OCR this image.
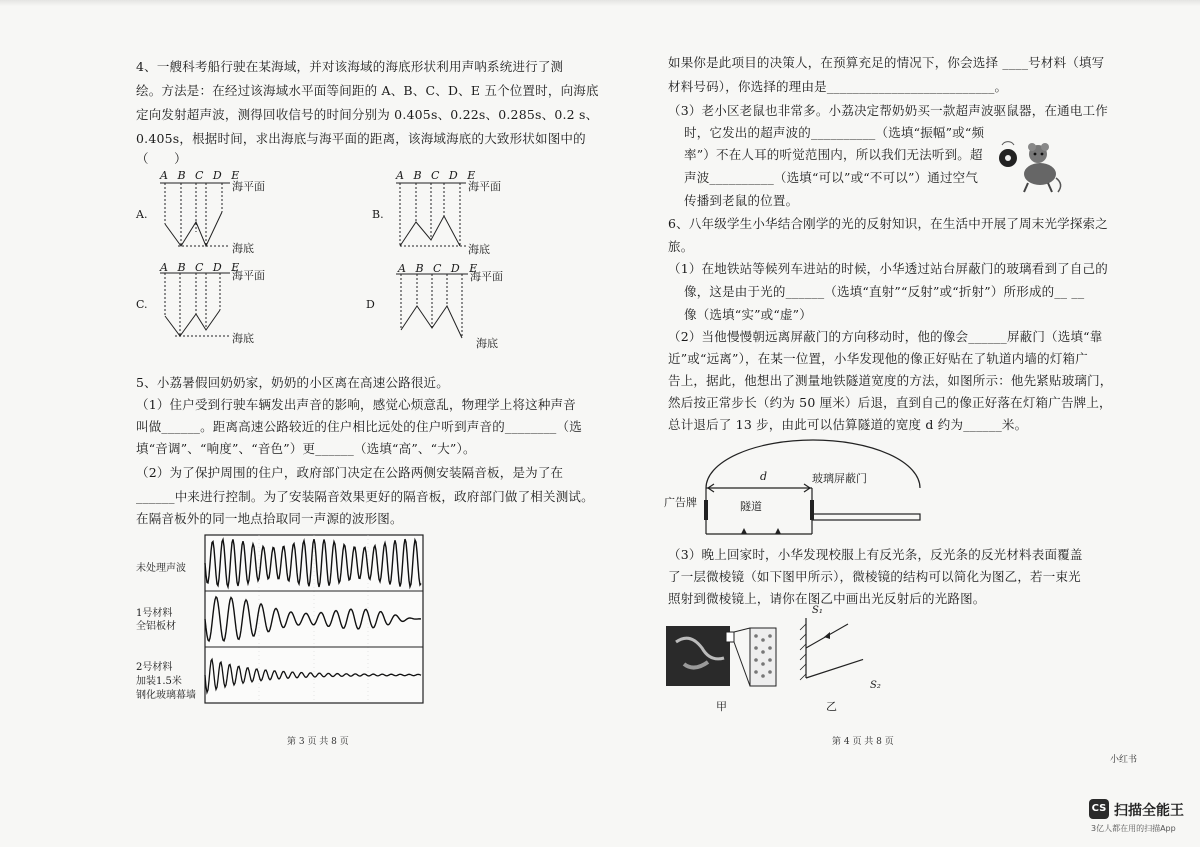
4、一艘科考船行驶在某海域，并对该海域的海底形状利用声呐系统进行了测
绘。方法是：在经过该海域水平面等间距的 A、B、C、D、E 五个位置时，向海底
定向发射超声波，测得回收信号的时间分别为 0.405s、0.22s、0.285s、0.2 s、
0.405s，根据时间，求出海底与海平面的距离，该海域海底的大致形状如图中的
（　　）
A.	B.
C.	D
A B C D E	A B C D E
A B C D E	A B C D E
海平面	海平面
海平面	海平面
海底	海底
海底	海底
5、小荔暑假回奶奶家，奶奶的小区离在高速公路很近。
（1）住户受到行驶车辆发出声音的影响，感觉心烦意乱，物理学上将这种声音
叫做______。距离高速公路较近的住户相比远处的住户听到声音的________（选
填“音调”、“响度”、“音色”）更______（选填“高”、“大”）。
（2）为了保护周围的住户，政府部门决定在公路两侧安装隔音板，是为了在
______中来进行控制。为了安装隔音效果更好的隔音板，政府部门做了相关测试。
在隔音板外的同一地点拾取同一声源的波形图。
未处理声波
1号材料
全铝板材
2号材料
加装1.5米
钢化玻璃幕墙
第 3 页 共 8 页
如果你是此项目的决策人，在预算充足的情况下，你会选择 ____号材料（填写
材料号码），你选择的理由是__________________________。
（3）老小区老鼠也非常多。小荔决定帮奶奶买一款超声波驱鼠器，在通电工作
时，它发出的超声波的__________（选填“振幅”或“频
率”）不在人耳的听觉范围内，所以我们无法听到。超
声波__________（选填“可以”或“不可以”）通过空气
传播到老鼠的位置。
6、八年级学生小华结合刚学的光的反射知识，在生活中开展了周末光学探索之
旅。
（1）在地铁站等候列车进站的时候，小华透过站台屏蔽门的玻璃看到了自己的
像，这是由于光的______（选填“直射”“反射”或“折射”）所形成的__ __
像（选填“实”或“虚”）
（2）当他慢慢朝远离屏蔽门的方向移动时，他的像会______屏蔽门（选填“靠
近”或“远离”），在某一位置，小华发现他的像正好贴在了轨道内墙的灯箱广
告上，据此，他想出了测量地铁隧道宽度的方法，如图所示：他先紧贴玻璃门，
然后按正常步长（约为 50 厘米）后退，直到自己的像正好落在灯箱广告牌上，
总计退后了 13 步，由此可以估算隧道的宽度 d 约为______米。
d	玻璃屏蔽门
广告牌	隧道
（3）晚上回家时，小华发现校服上有反光条，反光条的反光材料表面覆盖
了一层微棱镜（如下图甲所示），微棱镜的结构可以简化为图乙，若一束光
照射到微棱镜上，请你在图乙中画出光反射后的光路图。
甲
S₁
S₂
乙
第 4 页 共 8 页
小红书
CS 扫描全能王
3亿人都在用的扫描App
